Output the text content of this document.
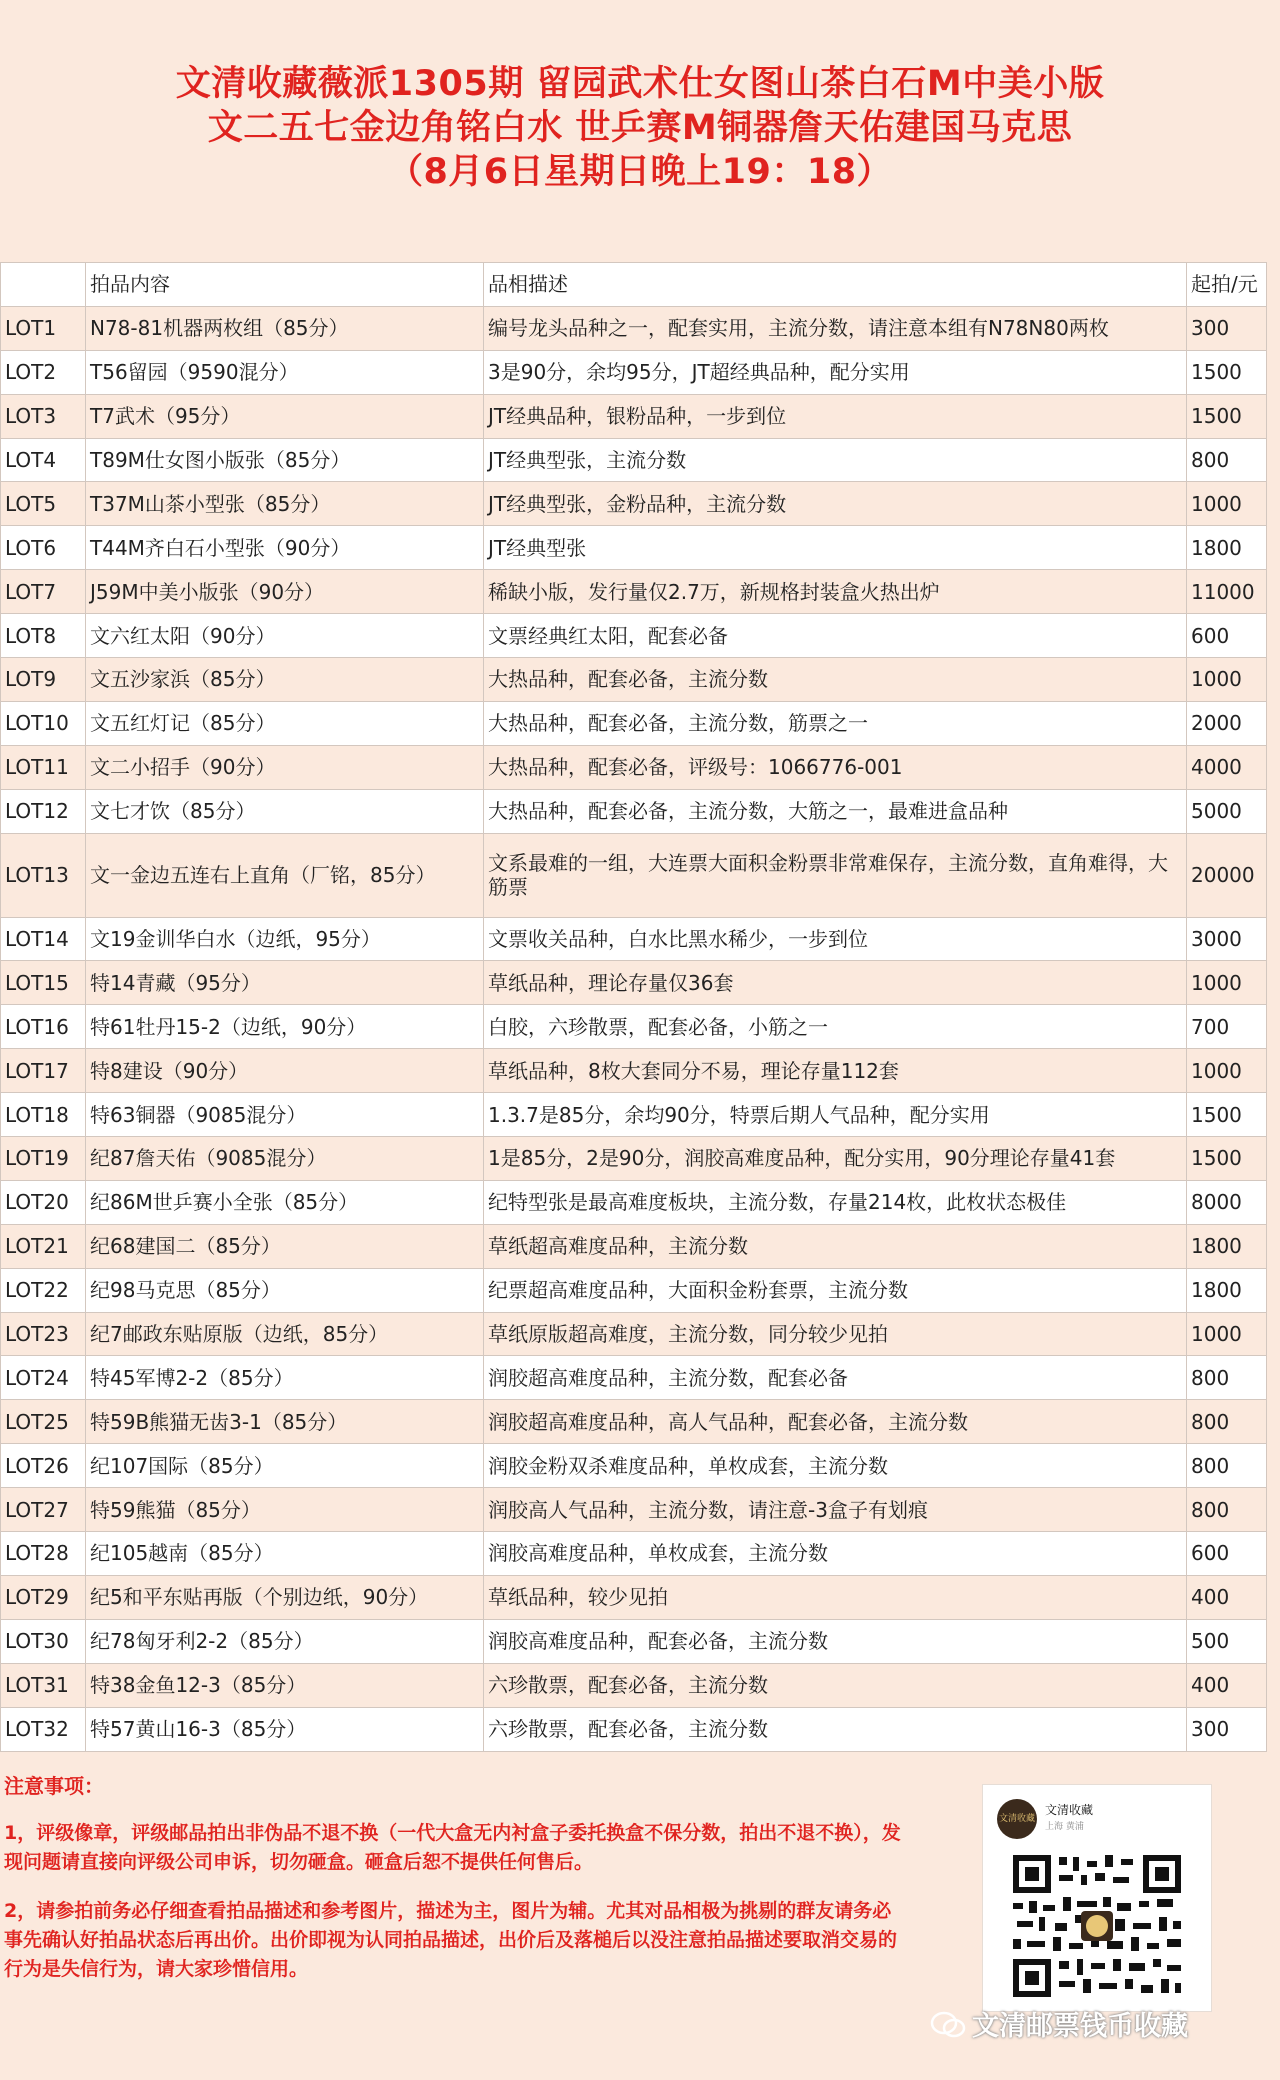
文清收藏薇派1305期 留园武术仕女图山茶白石M中美小版
文二五七金边角铭白水 世乒赛M铜器詹天佑建国马克思
（8月6日星期日晚上19：18）
	拍品内容	品相描述	起拍/元
LOT1	N78-81机器两枚组（85分）	编号龙头品种之一，配套实用，主流分数，请注意本组有N78N80两枚	300
LOT2	T56留园（9590混分）	3是90分，余均95分，JT超经典品种，配分实用	1500
LOT3	T7武术（95分）	JT经典品种，银粉品种，一步到位	1500
LOT4	T89M仕女图小版张（85分）	JT经典型张，主流分数	800
LOT5	T37M山茶小型张（85分）	JT经典型张，金粉品种，主流分数	1000
LOT6	T44M齐白石小型张（90分）	JT经典型张	1800
LOT7	J59M中美小版张（90分）	稀缺小版，发行量仅2.7万，新规格封装盒火热出炉	11000
LOT8	文六红太阳（90分）	文票经典红太阳，配套必备	600
LOT9	文五沙家浜（85分）	大热品种，配套必备，主流分数	1000
LOT10	文五红灯记（85分）	大热品种，配套必备，主流分数，筋票之一	2000
LOT11	文二小招手（90分）	大热品种，配套必备，评级号：1066776-001	4000
LOT12	文七才饮（85分）	大热品种，配套必备，主流分数，大筋之一，最难进盒品种	5000
LOT13	文一金边五连右上直角（厂铭，85分）	文系最难的一组，大连票大面积金粉票非常难保存，主流分数，直角难得，大筋票	20000
LOT14	文19金训华白水（边纸，95分）	文票收关品种，白水比黑水稀少，一步到位	3000
LOT15	特14青藏（95分）	草纸品种，理论存量仅36套	1000
LOT16	特61牡丹15-2（边纸，90分）	白胶，六珍散票，配套必备，小筋之一	700
LOT17	特8建设（90分）	草纸品种，8枚大套同分不易，理论存量112套	1000
LOT18	特63铜器（9085混分）	1.3.7是85分，余均90分，特票后期人气品种，配分实用	1500
LOT19	纪87詹天佑（9085混分）	1是85分，2是90分，润胶高难度品种，配分实用，90分理论存量41套	1500
LOT20	纪86M世乒赛小全张（85分）	纪特型张是最高难度板块，主流分数，存量214枚，此枚状态极佳	8000
LOT21	纪68建国二（85分）	草纸超高难度品种，主流分数	1800
LOT22	纪98马克思（85分）	纪票超高难度品种，大面积金粉套票，主流分数	1800
LOT23	纪7邮政东贴原版（边纸，85分）	草纸原版超高难度，主流分数，同分较少见拍	1000
LOT24	特45军博2-2（85分）	润胶超高难度品种，主流分数，配套必备	800
LOT25	特59B熊猫无齿3-1（85分）	润胶超高难度品种，高人气品种，配套必备，主流分数	800
LOT26	纪107国际（85分）	润胶金粉双杀难度品种，单枚成套，主流分数	800
LOT27	特59熊猫（85分）	润胶高人气品种，主流分数，请注意-3盒子有划痕	800
LOT28	纪105越南（85分）	润胶高难度品种，单枚成套，主流分数	600
LOT29	纪5和平东贴再版（个别边纸，90分）	草纸品种，较少见拍	400
LOT30	纪78匈牙利2-2（85分）	润胶高难度品种，配套必备，主流分数	500
LOT31	特38金鱼12-3（85分）	六珍散票，配套必备，主流分数	400
LOT32	特57黄山16-3（85分）	六珍散票，配套必备，主流分数	300
注意事项：

1，评级像章，评级邮品拍出非伪品不退不换（一代大盒无内衬盒子委托换盒不保分数，拍出不退不换），发现问题请直接向评级公司申诉，切勿砸盒。砸盒后恕不提供任何售后。

2，请参拍前务必仔细查看拍品描述和参考图片，描述为主，图片为辅。尤其对品相极为挑剔的群友请务必事先确认好拍品状态后再出价。出价即视为认同拍品描述，出价后及落槌后以没注意拍品描述要取消交易的行为是失信行为，请大家珍惜信用。

文清收藏
文清收藏
上海 黄浦
文清邮票钱币收藏
